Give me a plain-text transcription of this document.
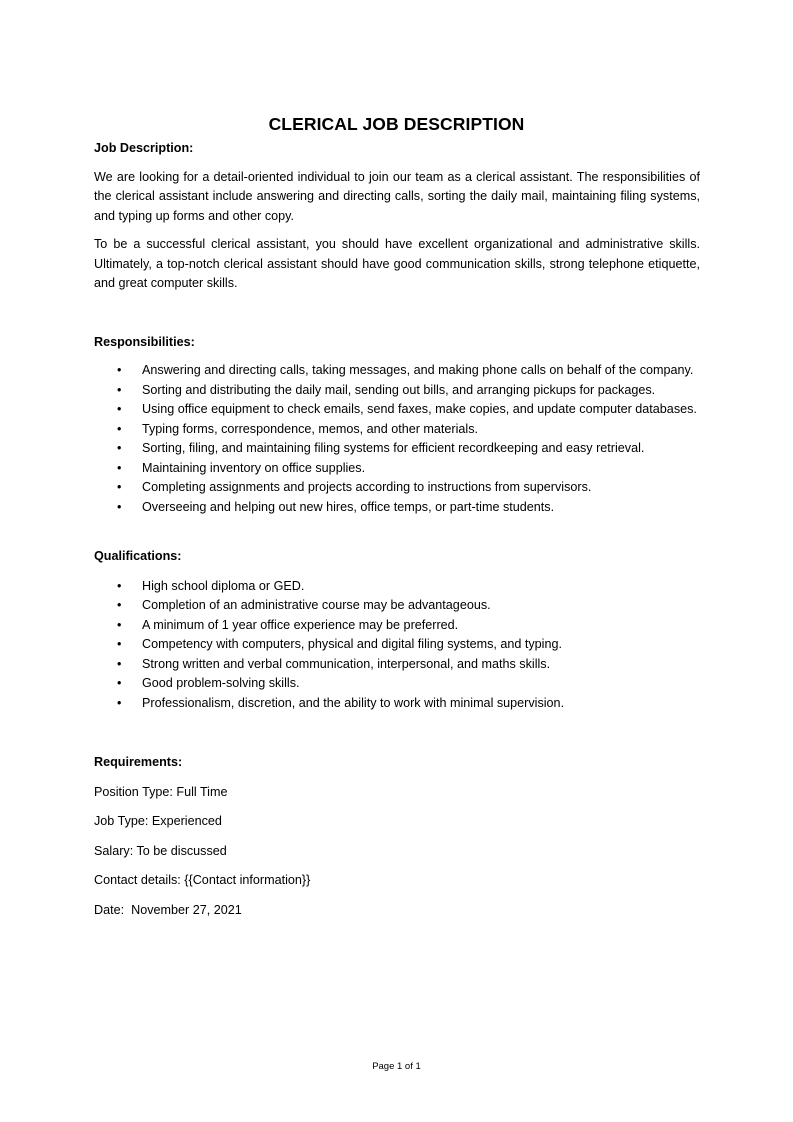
CLERICAL JOB DESCRIPTION

Job Description:

We are looking for a detail-oriented individual to join our team as a clerical assistant. The responsibilities of the clerical assistant include answering and directing calls, sorting the daily mail, maintaining filing systems, and typing up forms and other copy.

To be a successful clerical assistant, you should have excellent organizational and administrative skills. Ultimately, a top-notch clerical assistant should have good communication skills, strong telephone etiquette, and great computer skills.

Responsibilities:

• Answering and directing calls, taking messages, and making phone calls on behalf of the company.
• Sorting and distributing the daily mail, sending out bills, and arranging pickups for packages.
• Using office equipment to check emails, send faxes, make copies, and update computer databases.
• Typing forms, correspondence, memos, and other materials.
• Sorting, filing, and maintaining filing systems for efficient recordkeeping and easy retrieval.
• Maintaining inventory on office supplies.
• Completing assignments and projects according to instructions from supervisors.
• Overseeing and helping out new hires, office temps, or part-time students.

Qualifications:

• High school diploma or GED.
• Completion of an administrative course may be advantageous.
• A minimum of 1 year office experience may be preferred.
• Competency with computers, physical and digital filing systems, and typing.
• Strong written and verbal communication, interpersonal, and maths skills.
• Good problem-solving skills.
• Professionalism, discretion, and the ability to work with minimal supervision.

Requirements:

Position Type: Full Time

Job Type: Experienced

Salary: To be discussed

Contact details: {{Contact information}}

Date:  November 27, 2021

Page 1 of 1
